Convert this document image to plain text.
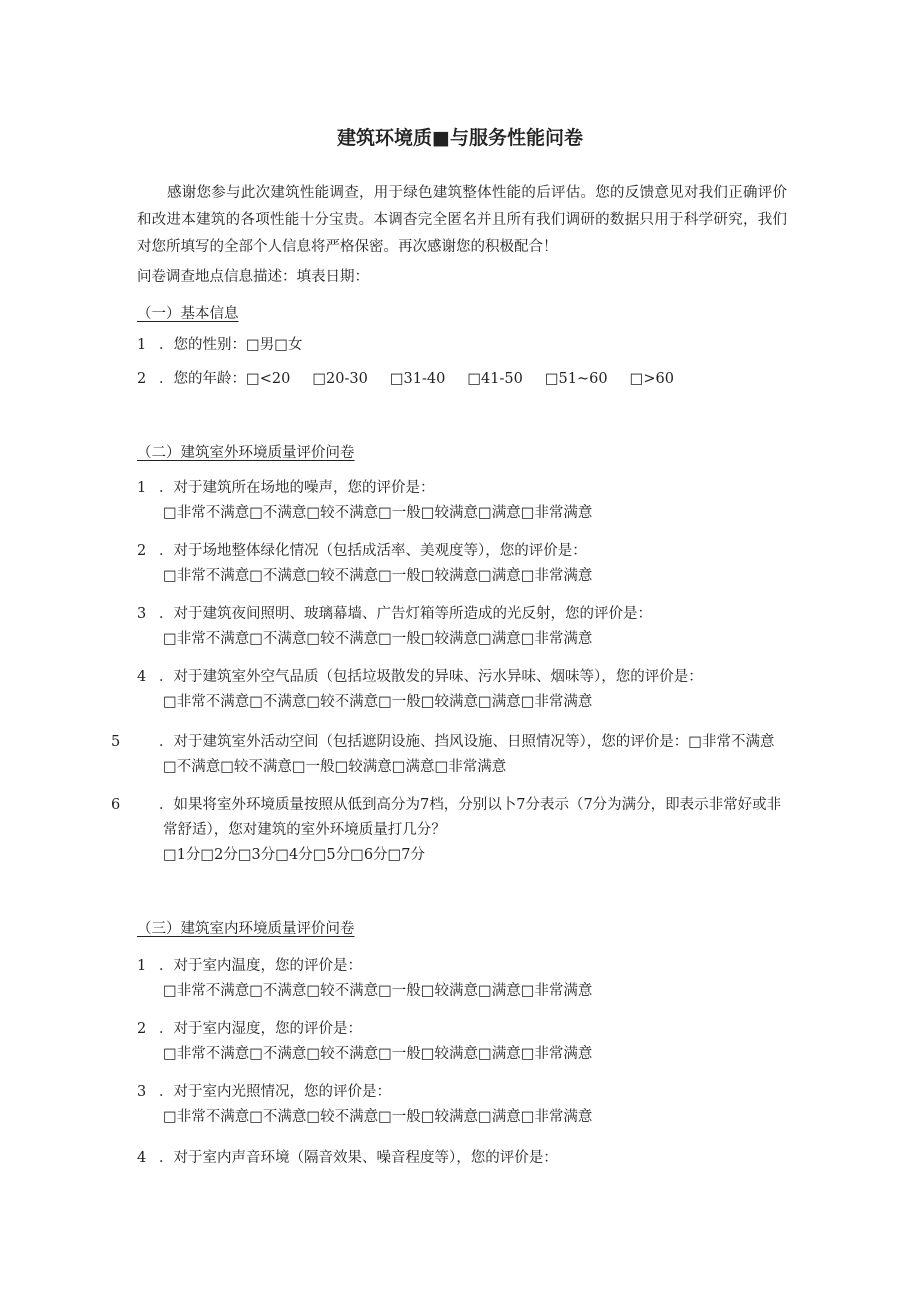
建筑环境质■与服务性能问卷
感谢您参与此次建筑性能调查，用于绿色建筑整体性能的后评估。您的反馈意见对我们正确评价和改进本建筑的各项性能十分宝贵。本调杳完全匿名并且所有我们调研的数据只用于科学研究，我们对您所填写的全部个人信息将严格保密。再次感谢您的积极配合！
问卷调查地点信息描述：填表日期：
（一）基本信息
1 ．您的性别：□男□女
2 ．您的年龄：□<20 □20-30 □31-40 □41-50 □51~60 □>60
（二）建筑室外环境质量评价问卷
1 ．对于建筑所在场地的噪声，您的评价是：
□非常不满意□不满意□较不满意□一般□较满意□满意□非常满意
2 ．对于场地整体绿化情况（包括成活率、美观度等），您的评价是：
□非常不满意□不满意□较不满意□一般□较满意□满意□非常满意
3 ．对于建筑夜间照明、玻璃幕墙、广告灯箱等所造成的光反射，您的评价是：
□非常不满意□不满意□较不满意□一般□较满意□满意□非常满意
4 ．对于建筑室外空气品质（包括垃圾散发的异味、污水异味、烟味等），您的评价是：
□非常不满意□不满意□较不满意□一般□较满意□满意□非常满意
5	．对于建筑室外活动空间（包括遮阴设施、挡风设施、日照情况等），您的评价是：□非常不满意□不满意□较不满意□一般□较满意□满意□非常满意
6	．如果将室外环境质量按照从低到高分为7档，分别以卜7分表示（7分为满分，即表示非常好或非常舒适），您对建筑的室外环境质量打几分？
□1分□2分□3分□4分□5分□6分□7分
（三）建筑室内环境质量评价问卷
1 ．对于室内温度，您的评价是：
□非常不满意□不满意□较不满意□一般□较满意□满意□非常满意
2 ．对于室内湿度，您的评价是：
□非常不满意□不满意□较不满意□一般□较满意□满意□非常满意
3 ．对于室内光照情况，您的评价是：
□非常不满意□不满意□较不满意□一般□较满意□满意□非常满意
4 ．对于室内声音环境（隔音效果、噪音程度等），您的评价是：
